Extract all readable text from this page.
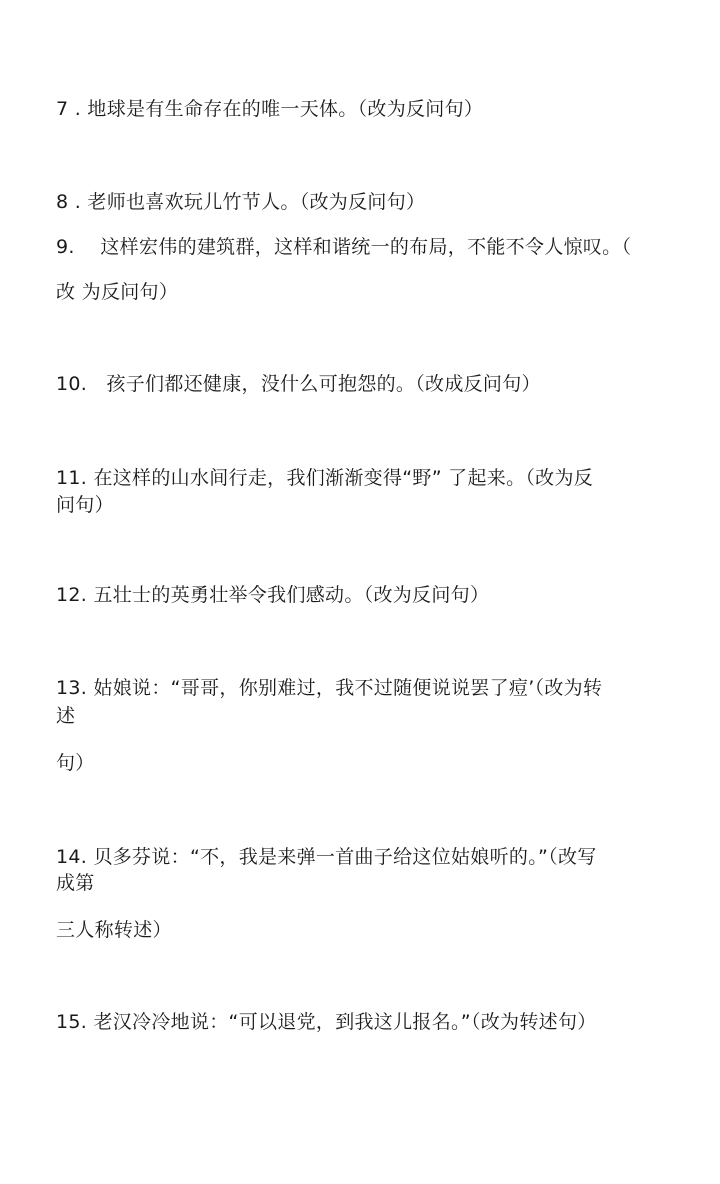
7 . 地球是有生命存在的唯一天体。（改为反问句）
8 . 老师也喜欢玩儿竹节人。（改为反问句）
9.　 这样宏伟的建筑群，这样和谐统一的布局，不能不令人惊叹。（
改 为反问句）
10.　孩子们都还健康，没什么可抱怨的。（改成反问句）
11. 在这样的山水间行走，我们渐渐变得“野” 了起来。（改为反
问句）
12. 五壮士的英勇壮举令我们感动。（改为反问句）
13. 姑娘说：“哥哥，你别难过，我不过随便说说罢了痘’（改为转
述
句）
14. 贝多芬说：“不，我是来弹一首曲子给这位姑娘听的。”（改写
成第
三人称转述）
15. 老汉冷冷地说：“可以退党，到我这儿报名。”（改为转述句）
